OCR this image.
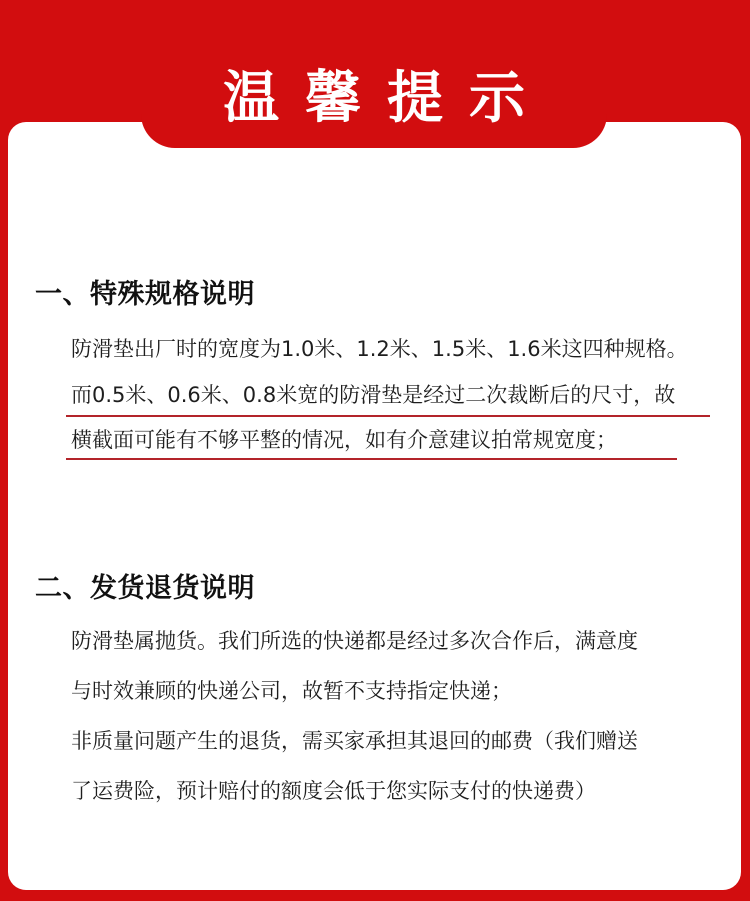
温馨提示
一、特殊规格说明
防滑垫出厂时的宽度为1.0米、1.2米、1.5米、1.6米这四种规格。
而0.5米、0.6米、0.8米宽的防滑垫是经过二次裁断后的尺寸，故
横截面可能有不够平整的情况，如有介意建议拍常规宽度；
二、发货退货说明
防滑垫属抛货。我们所选的快递都是经过多次合作后，满意度
与时效兼顾的快递公司，故暂不支持指定快递；
非质量问题产生的退货，需买家承担其退回的邮费（我们赠送
了运费险，预计赔付的额度会低于您实际支付的快递费）
